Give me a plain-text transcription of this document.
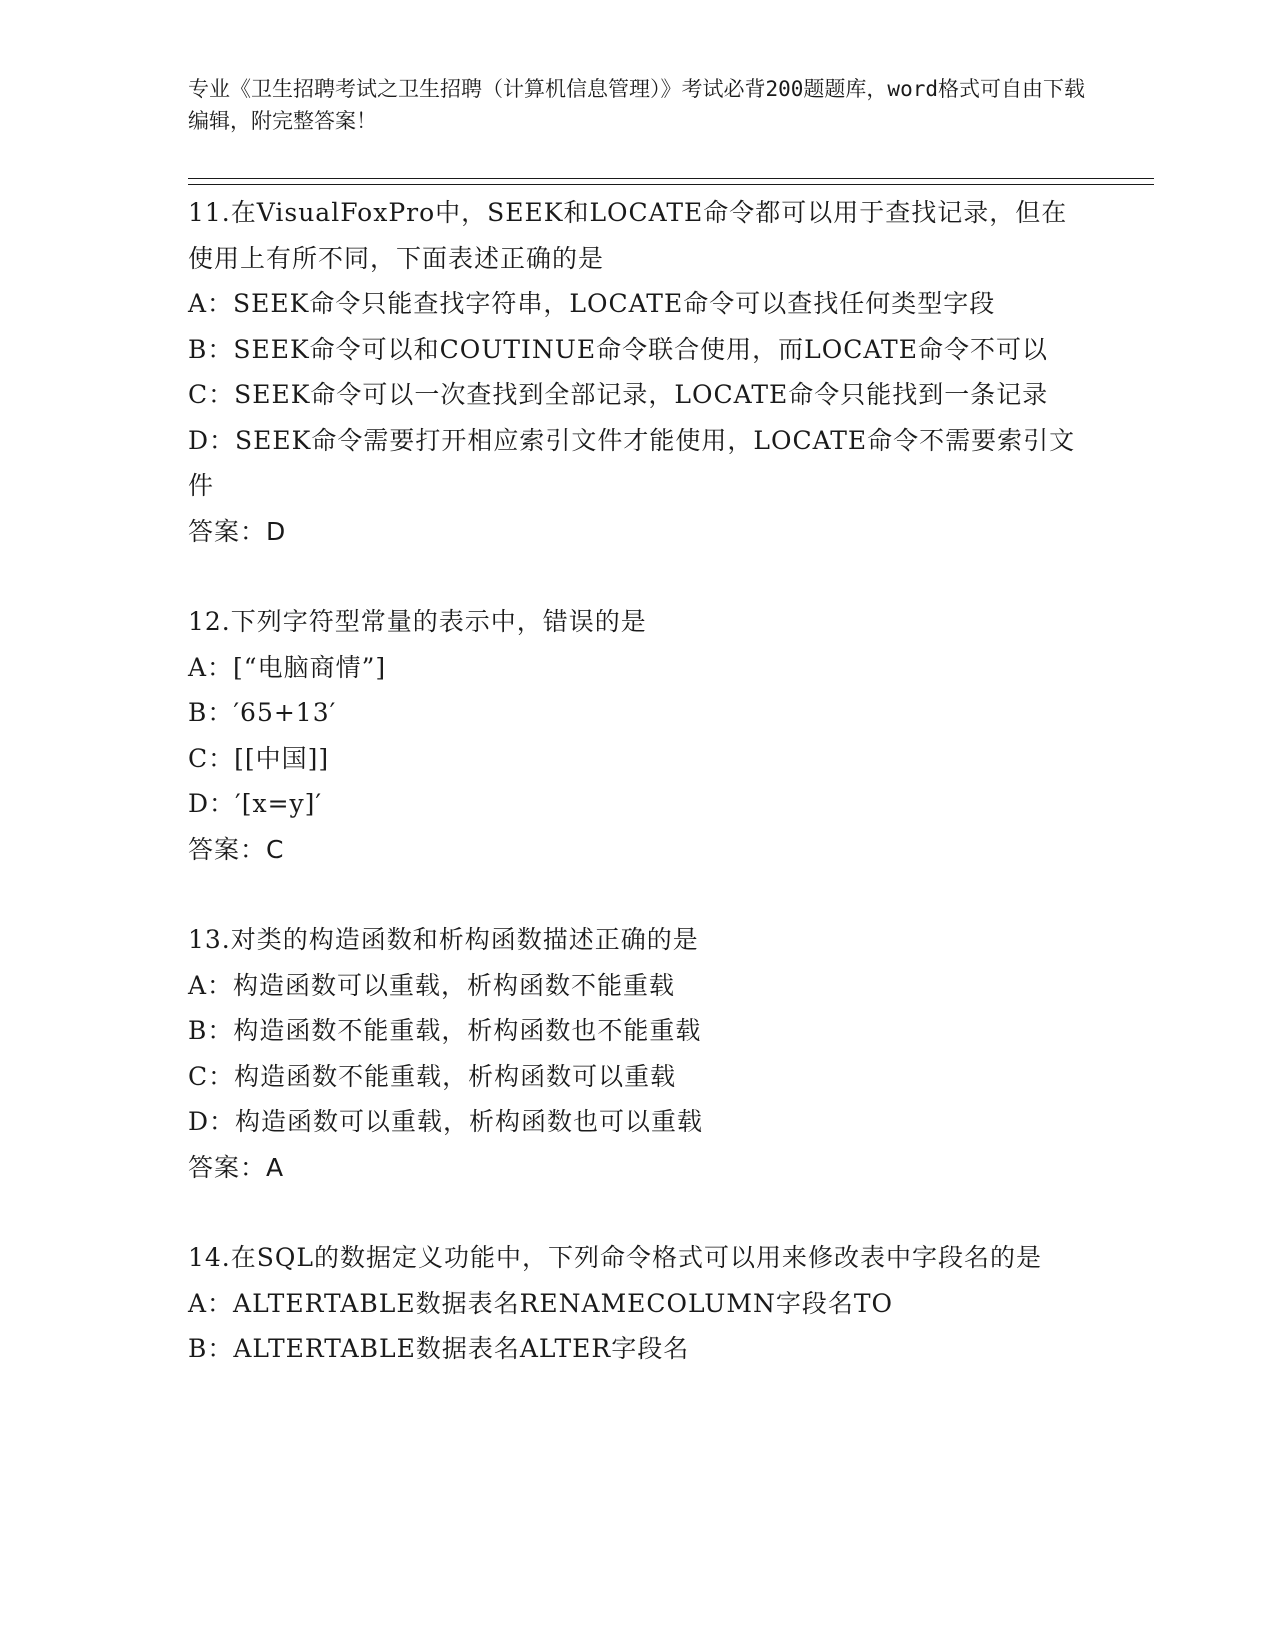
专业《卫生招聘考试之卫生招聘（计算机信息管理）》考试必背200题题库，word格式可自由下载编辑，附完整答案！
11.在VisualFoxPro中，SEEK和LOCATE命令都可以用于查找记录，但在使用上有所不同，下面表述正确的是
A：SEEK命令只能查找字符串，LOCATE命令可以查找任何类型字段
B：SEEK命令可以和COUTINUE命令联合使用，而LOCATE命令不可以
C：SEEK命令可以一次查找到全部记录，LOCATE命令只能找到一条记录
D：SEEK命令需要打开相应索引文件才能使用，LOCATE命令不需要索引文件
答案：D
12.下列字符型常量的表示中，错误的是
A：[“电脑商情”]
B：′65+13′
C：[[中国]]
D：′[x=y]′
答案：C
13.对类的构造函数和析构函数描述正确的是
A：构造函数可以重载，析构函数不能重载
B：构造函数不能重载，析构函数也不能重载
C：构造函数不能重载，析构函数可以重载
D：构造函数可以重载，析构函数也可以重载
答案：A
14.在SQL的数据定义功能中，下列命令格式可以用来修改表中字段名的是
A：ALTERTABLE数据表名RENAMECOLUMN字段名TO
B：ALTERTABLE数据表名ALTER字段名
